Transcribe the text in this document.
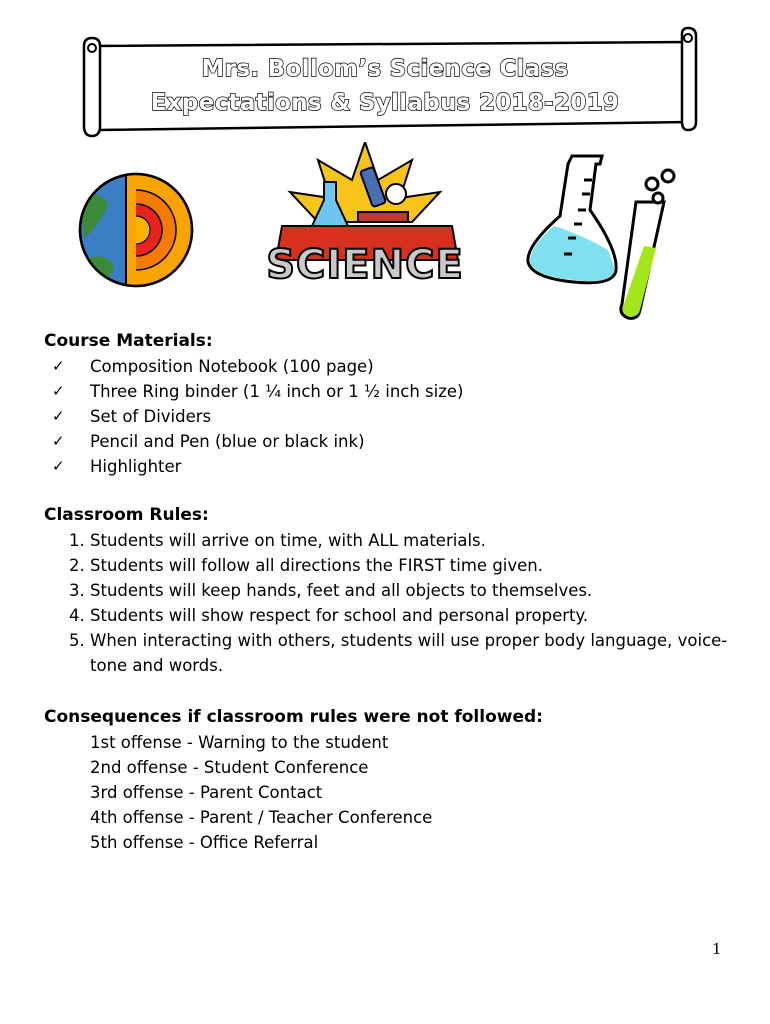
Mrs. Bollom’s Science Class
Expectations & Syllabus 2018-2019
SCIENCE
Course Materials:
✓ Composition Notebook (100 page)
✓ Three Ring binder (1 ¼ inch or 1 ½ inch size)
✓ Set of Dividers
✓ Pencil and Pen (blue or black ink)
✓ Highlighter
Classroom Rules:
1. Students will arrive on time, with ALL materials.
2. Students will follow all directions the FIRST time given.
3. Students will keep hands, feet and all objects to themselves.
4. Students will show respect for school and personal property.
5. When interacting with others, students will use proper body language, voice-tone and words.
Consequences if classroom rules were not followed:
1st offense - Warning to the student
2nd offense - Student Conference
3rd offense - Parent Contact
4th offense - Parent / Teacher Conference
5th offense - Office Referral
1
